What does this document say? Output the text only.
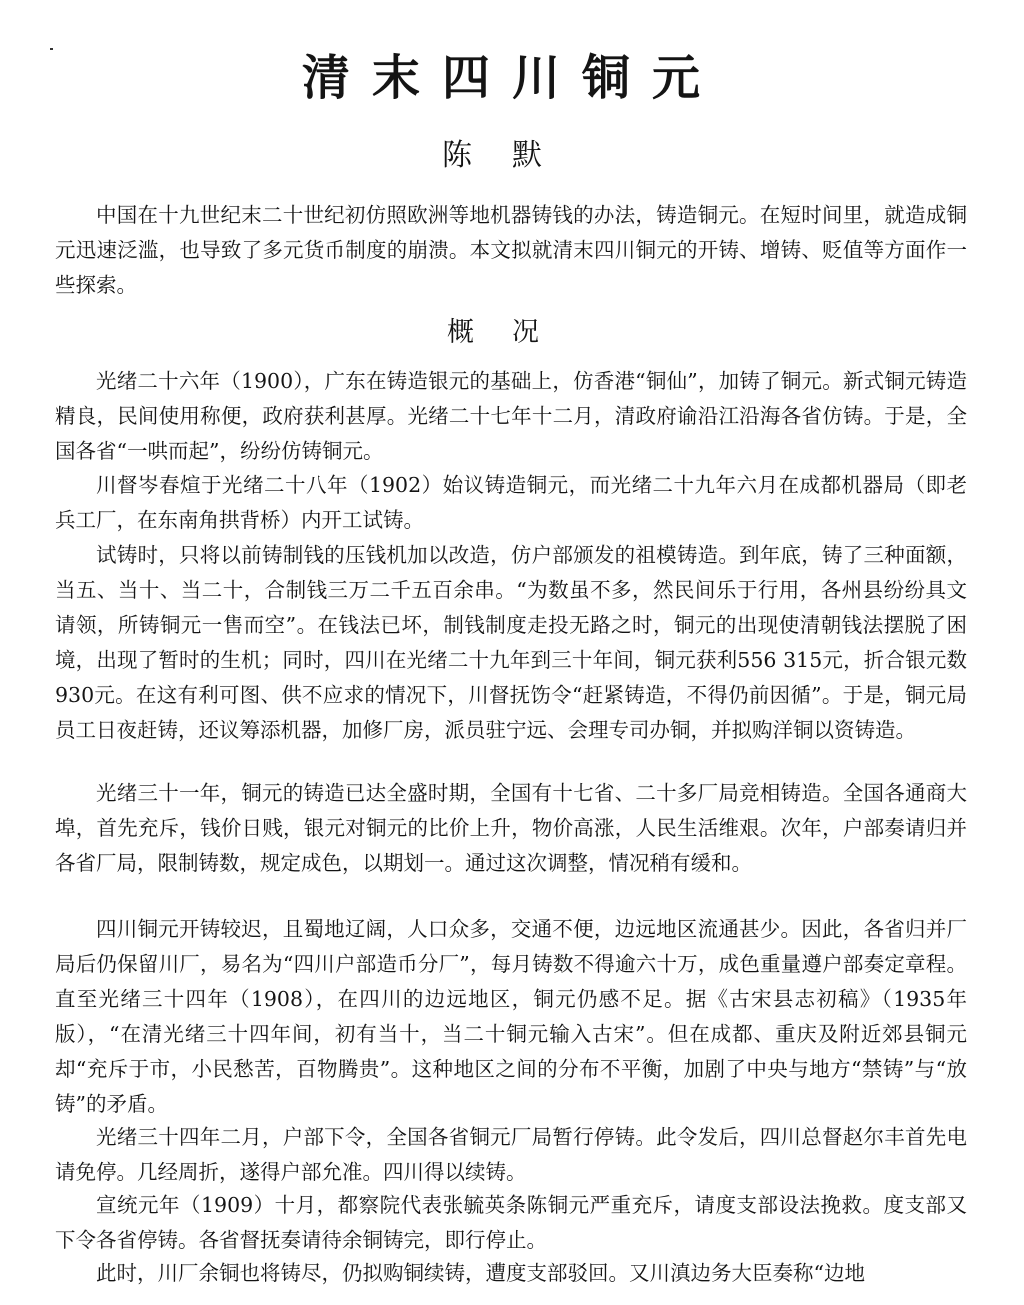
清末四川铜元
陈默

中国在十九世纪末二十世纪初仿照欧洲等地机器铸钱的办法，铸造铜元。在短时间里，就造成铜元迅速泛滥，也导致了多元货币制度的崩溃。本文拟就清末四川铜元的开铸、增铸、贬值等方面作一些探索。

概况

光绪二十六年（1900），广东在铸造银元的基础上，仿香港“铜仙”，加铸了铜元。新式铜元铸造精良，民间使用称便，政府获利甚厚。光绪二十七年十二月，清政府谕沿江沿海各省仿铸。于是，全国各省“一哄而起”，纷纷仿铸铜元。

川督岑春煊于光绪二十八年（1902）始议铸造铜元，而光绪二十九年六月在成都机器局（即老兵工厂，在东南角拱背桥）内开工试铸。

试铸时，只将以前铸制钱的压钱机加以改造，仿户部颁发的祖模铸造。到年底，铸了三种面额，当五、当十、当二十，合制钱三万二千五百余串。“为数虽不多，然民间乐于行用，各州县纷纷具文请领，所铸铜元一售而空”。在钱法已坏，制钱制度走投无路之时，铜元的出现使清朝钱法摆脱了困境，出现了暂时的生机；同时，四川在光绪二十九年到三十年间，铜元获利556 315元，折合银元数930元。在这有利可图、供不应求的情况下，川督抚饬令“赶紧铸造，不得仍前因循”。于是，铜元局员工日夜赶铸，还议筹添机器，加修厂房，派员驻宁远、会理专司办铜，并拟购洋铜以资铸造。

光绪三十一年，铜元的铸造已达全盛时期，全国有十七省、二十多厂局竞相铸造。全国各通商大埠，首先充斥，钱价日贱，银元对铜元的比价上升，物价高涨，人民生活维艰。次年，户部奏请归并各省厂局，限制铸数，规定成色，以期划一。通过这次调整，情况稍有缓和。

四川铜元开铸较迟，且蜀地辽阔，人口众多，交通不便，边远地区流通甚少。因此，各省归并厂局后仍保留川厂，易名为“四川户部造币分厂”，每月铸数不得逾六十万，成色重量遵户部奏定章程。直至光绪三十四年（1908），在四川的边远地区，铜元仍感不足。据《古宋县志初稿》（1935年版），“在清光绪三十四年间，初有当十，当二十铜元输入古宋”。但在成都、重庆及附近郊县铜元却“充斥于市，小民愁苦，百物腾贵”。这种地区之间的分布不平衡，加剧了中央与地方“禁铸”与“放铸”的矛盾。

光绪三十四年二月，户部下令，全国各省铜元厂局暂行停铸。此令发后，四川总督赵尔丰首先电请免停。几经周折，遂得户部允准。四川得以续铸。

宣统元年（1909）十月，都察院代表张毓英条陈铜元严重充斥，请度支部设法挽救。度支部又下令各省停铸。各省督抚奏请待余铜铸完，即行停止。

此时，川厂余铜也将铸尽，仍拟购铜续铸，遭度支部驳回。又川滇边务大臣奏称“边地
